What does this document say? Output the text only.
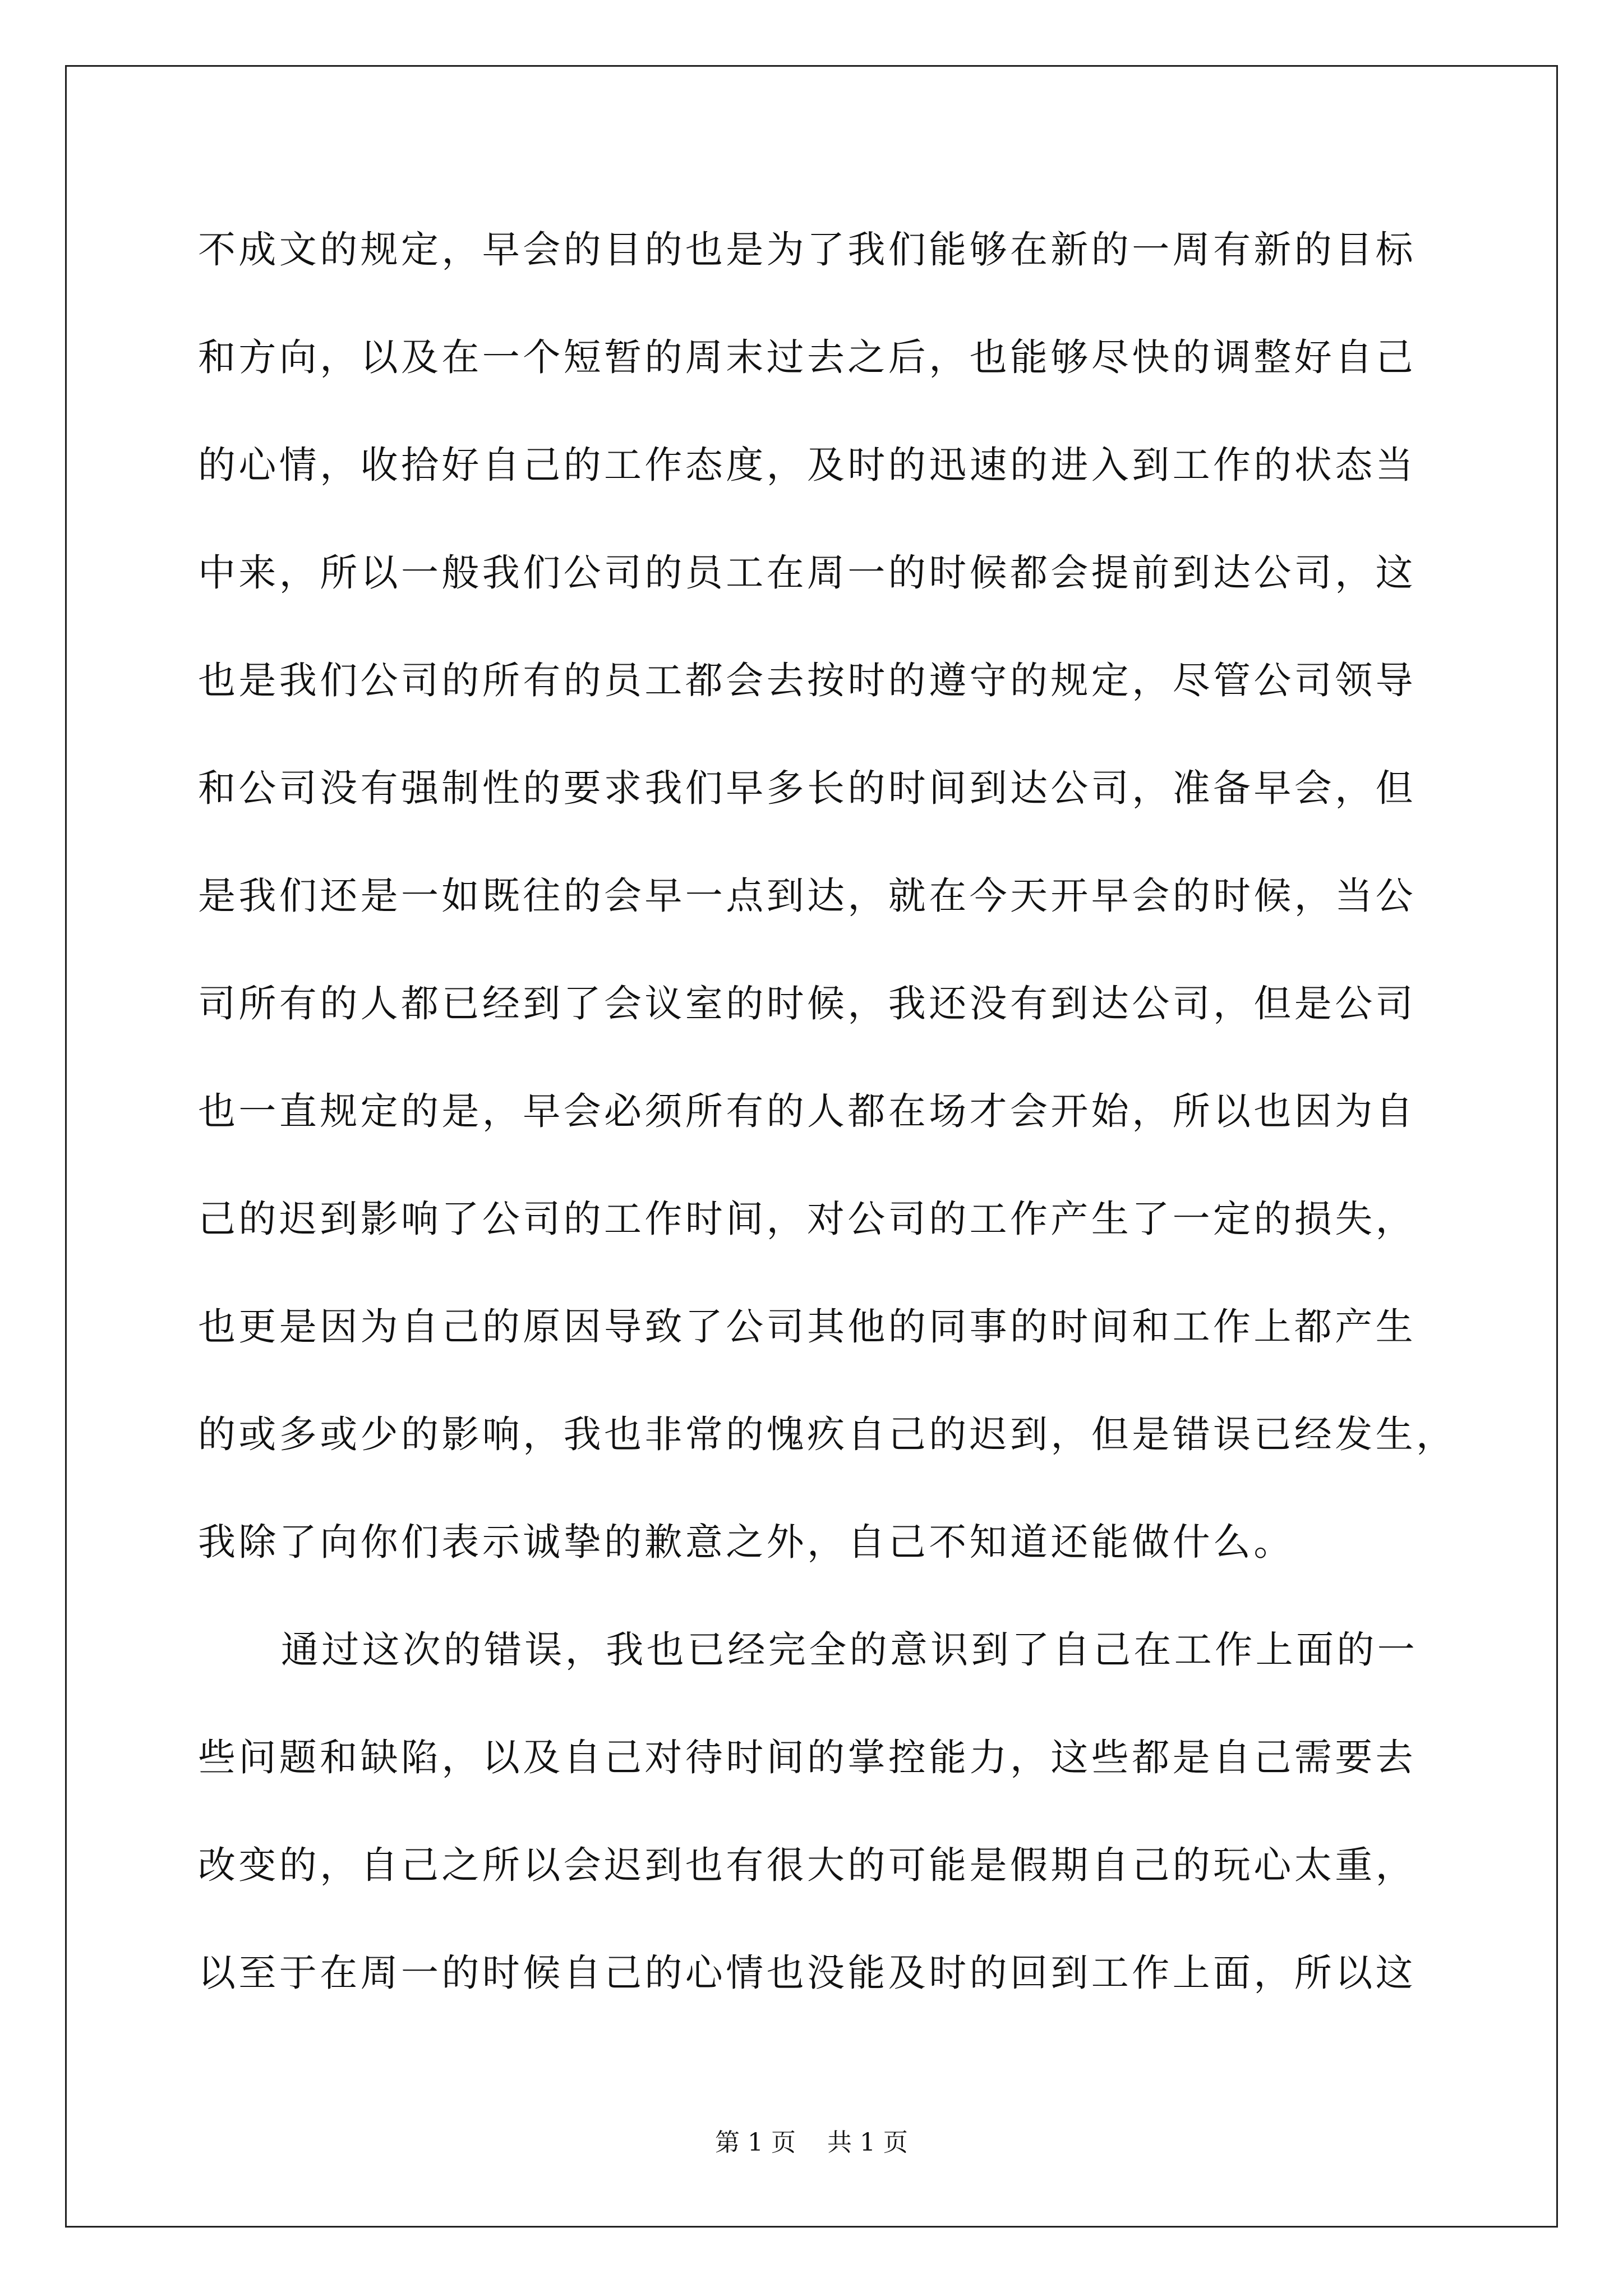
不成文的规定，早会的目的也是为了我们能够在新的一周有新的目标
和方向，以及在一个短暂的周末过去之后，也能够尽快的调整好自己
的心情，收拾好自己的工作态度，及时的迅速的进入到工作的状态当
中来，所以一般我们公司的员工在周一的时候都会提前到达公司，这
也是我们公司的所有的员工都会去按时的遵守的规定，尽管公司领导
和公司没有强制性的要求我们早多长的时间到达公司，准备早会，但
是我们还是一如既往的会早一点到达，就在今天开早会的时候，当公
司所有的人都已经到了会议室的时候，我还没有到达公司，但是公司
也一直规定的是，早会必须所有的人都在场才会开始，所以也因为自
己的迟到影响了公司的工作时间，对公司的工作产生了一定的损失，
也更是因为自己的原因导致了公司其他的同事的时间和工作上都产生
的或多或少的影响，我也非常的愧疚自己的迟到，但是错误已经发生，
我除了向你们表示诚挚的歉意之外，自己不知道还能做什么。
通过这次的错误，我也已经完全的意识到了自己在工作上面的一
些问题和缺陷，以及自己对待时间的掌控能力，这些都是自己需要去
改变的，自己之所以会迟到也有很大的可能是假期自己的玩心太重，
以至于在周一的时候自己的心情也没能及时的回到工作上面，所以这
第 1 页    共 1 页
